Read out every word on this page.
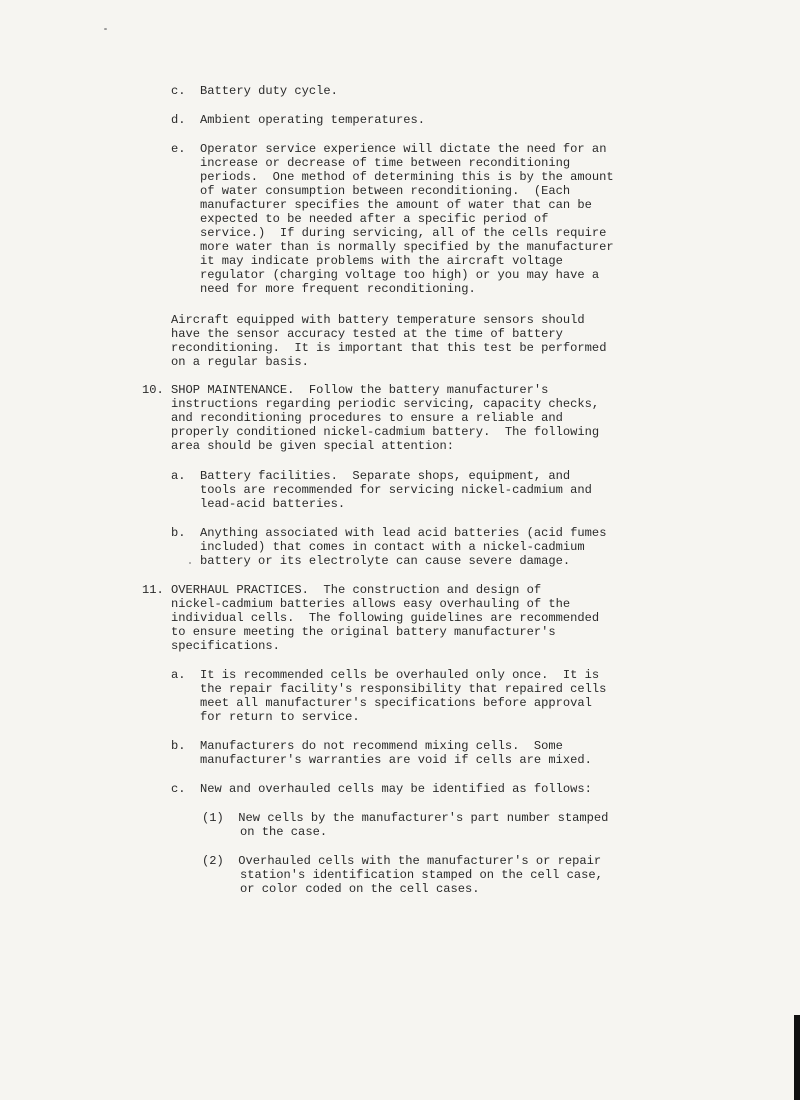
c.  Battery duty cycle.
d.  Ambient operating temperatures.
e.  Operator service experience will dictate the need for an
increase or decrease of time between reconditioning
periods.  One method of determining this is by the amount
of water consumption between reconditioning.  (Each
manufacturer specifies the amount of water that can be
expected to be needed after a specific period of
service.)  If during servicing, all of the cells require
more water than is normally specified by the manufacturer
it may indicate problems with the aircraft voltage
regulator (charging voltage too high) or you may have a
need for more frequent reconditioning.
Aircraft equipped with battery temperature sensors should
have the sensor accuracy tested at the time of battery
reconditioning.  It is important that this test be performed
on a regular basis.
10. SHOP MAINTENANCE.  Follow the battery manufacturer's
instructions regarding periodic servicing, capacity checks,
and reconditioning procedures to ensure a reliable and
properly conditioned nickel-cadmium battery.  The following
area should be given special attention:
a.  Battery facilities.  Separate shops, equipment, and
tools are recommended for servicing nickel-cadmium and
lead-acid batteries.
b.  Anything associated with lead acid batteries (acid fumes
included) that comes in contact with a nickel-cadmium
battery or its electrolyte can cause severe damage.
11. OVERHAUL PRACTICES.  The construction and design of
nickel-cadmium batteries allows easy overhauling of the
individual cells.  The following guidelines are recommended
to ensure meeting the original battery manufacturer's
specifications.
a.  It is recommended cells be overhauled only once.  It is
the repair facility's responsibility that repaired cells
meet all manufacturer's specifications before approval
for return to service.
b.  Manufacturers do not recommend mixing cells.  Some
manufacturer's warranties are void if cells are mixed.
c.  New and overhauled cells may be identified as follows:
(1)  New cells by the manufacturer's part number stamped
on the case.
(2)  Overhauled cells with the manufacturer's or repair
station's identification stamped on the cell case,
or color coded on the cell cases.
